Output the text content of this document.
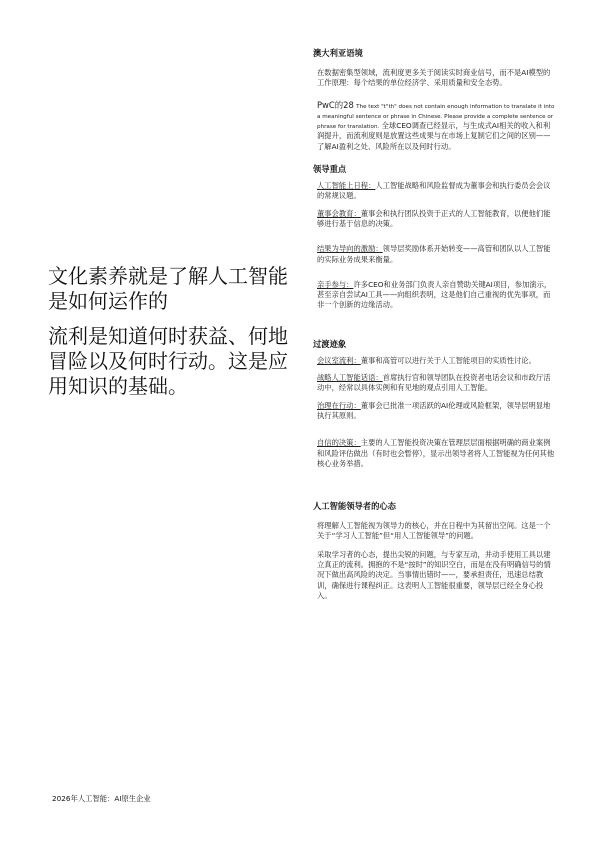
文化素养就是了解人工智能是如何运作的

流利是知道何时获益、何地冒险以及何时行动。这是应用知识的基础。

澳大利亚语境

在数据密集型领域，流利度更多关于阅读实时商业信号，而不是AI模型的工作原理：每个结果的单位经济学、采用质量和安全态势。

PwC的28 The text "t"th" does not contain enough information to translate it into a meaningful sentence or phrase in Chinese. Please provide a complete sentence or phrase for translation. 全球CEO调查已经显示，与生成式AI相关的收入和利润提升，而流利度则是放置这些成果与在市场上复制它们之间的区别——了解AI盈利之处、风险所在以及何时行动。
领导重点

人工智能上日程：人工智能战略和风险监督成为董事会和执行委员会会议的常规议题。

董事会教育：董事会和执行团队投资于正式的人工智能教育，以便他们能够进行基于信息的决策。

结果为导向的激励：领导层奖励体系开始转变——高管和团队以人工智能的实际业务成果来衡量。

亲手参与：许多CEO和业务部门负责人亲自赞助关键AI项目，参加演示，甚至亲自尝试AI工具——向组织表明，这是他们自己重视的优先事项，而非一个创新的边缘活动。

过渡迹象

会议室流利：董事和高管可以进行关于人工智能项目的实质性讨论。

战略人工智能话语：首席执行官和领导团队在投资者电话会议和市政厅活动中，经常以具体实例和有见地的观点引用人工智能。

治理在行动：董事会已批准一项活跃的AI伦理或风险框架，领导层明显地执行其原则。

自信的决策：主要的人工智能投资决策在管理层层面根据明确的商业案例和风险评估做出（有时也会暂停），显示出领导者将人工智能视为任何其他核心业务举措。

人工智能领导者的心态

将理解人工智能视为领导力的核心，并在日程中为其留出空间。这是一个关于“学习人工智能”但“用人工智能领导”的问题。

采取学习者的心态，提出尖锐的问题，与专家互动，并动手使用工具以建立真正的流利。拥抱的不是“按时”的知识空白，而是在没有明确信号的情况下做出高风险的决定。当事情出错时——，要承担责任，迅速总结教训，确保进行课程纠正。这表明人工智能很重要，领导层已经全身心投入。

2026年人工智能：AI原生企业
